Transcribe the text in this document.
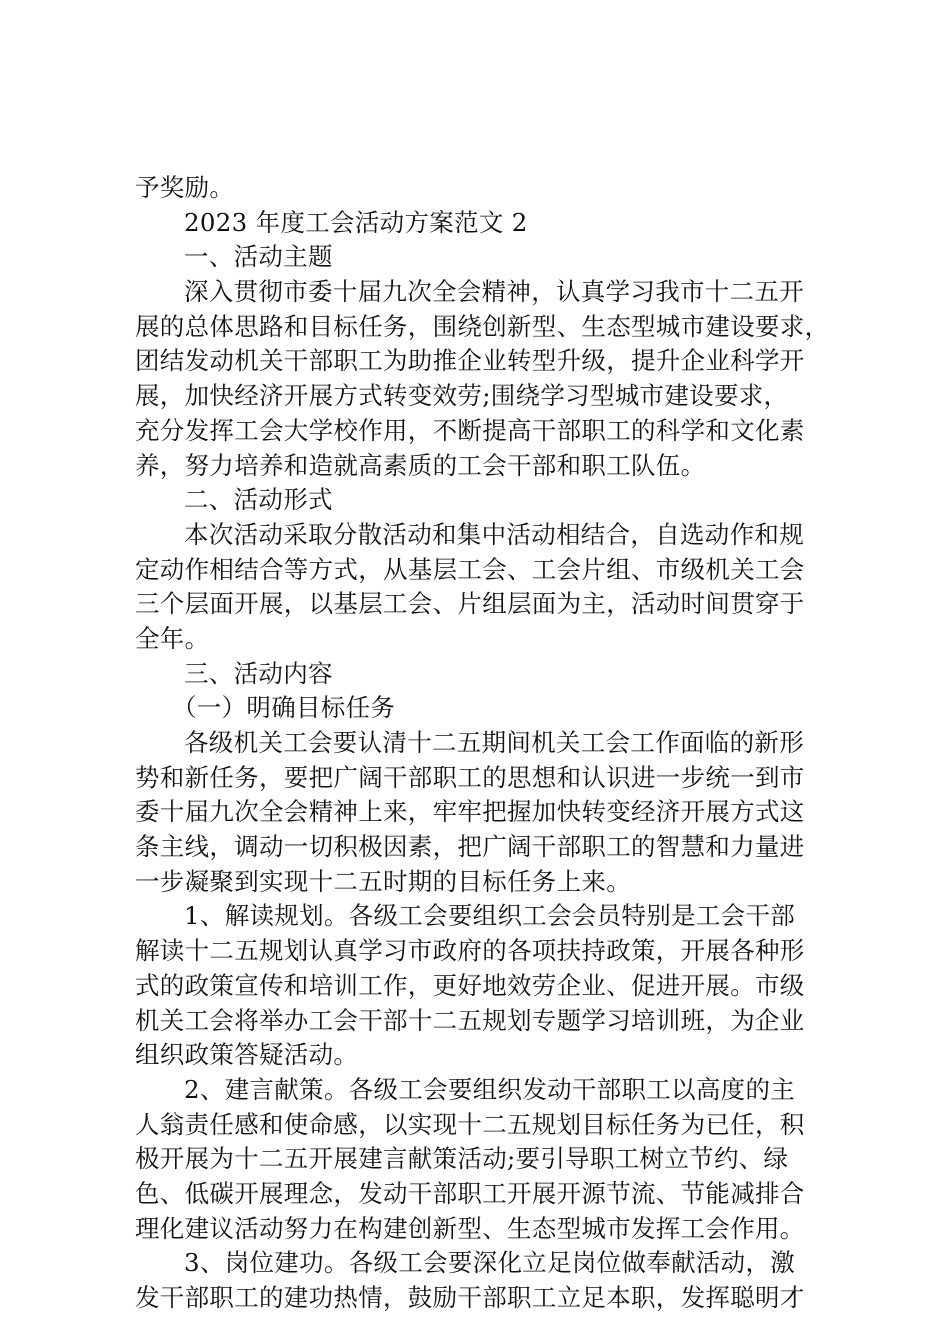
予奖励。
2023 年度工会活动方案范文 2
一、活动主题
深入贯彻市委十届九次全会精神，认真学习我市十二五开
展的总体思路和目标任务，围绕创新型、生态型城市建设要求，
团结发动机关干部职工为助推企业转型升级，提升企业科学开
展，加快经济开展方式转变效劳;围绕学习型城市建设要求，
充分发挥工会大学校作用，不断提高干部职工的科学和文化素
养，努力培养和造就高素质的工会干部和职工队伍。
二、活动形式
本次活动采取分散活动和集中活动相结合，自选动作和规
定动作相结合等方式，从基层工会、工会片组、市级机关工会
三个层面开展，以基层工会、片组层面为主，活动时间贯穿于
全年。
三、活动内容
（一）明确目标任务
各级机关工会要认清十二五期间机关工会工作面临的新形
势和新任务，要把广阔干部职工的思想和认识进一步统一到市
委十届九次全会精神上来，牢牢把握加快转变经济开展方式这
条主线，调动一切积极因素，把广阔干部职工的智慧和力量进
一步凝聚到实现十二五时期的目标任务上来。
1、解读规划。各级工会要组织工会会员特别是工会干部
解读十二五规划认真学习市政府的各项扶持政策，开展各种形
式的政策宣传和培训工作，更好地效劳企业、促进开展。市级
机关工会将举办工会干部十二五规划专题学习培训班，为企业
组织政策答疑活动。
2、建言献策。各级工会要组织发动干部职工以高度的主
人翁责任感和使命感，以实现十二五规划目标任务为已任，积
极开展为十二五开展建言献策活动;要引导职工树立节约、绿
色、低碳开展理念，发动干部职工开展开源节流、节能减排合
理化建议活动努力在构建创新型、生态型城市发挥工会作用。
3、岗位建功。各级工会要深化立足岗位做奉献活动，激
发干部职工的建功热情，鼓励干部职工立足本职，发挥聪明才
